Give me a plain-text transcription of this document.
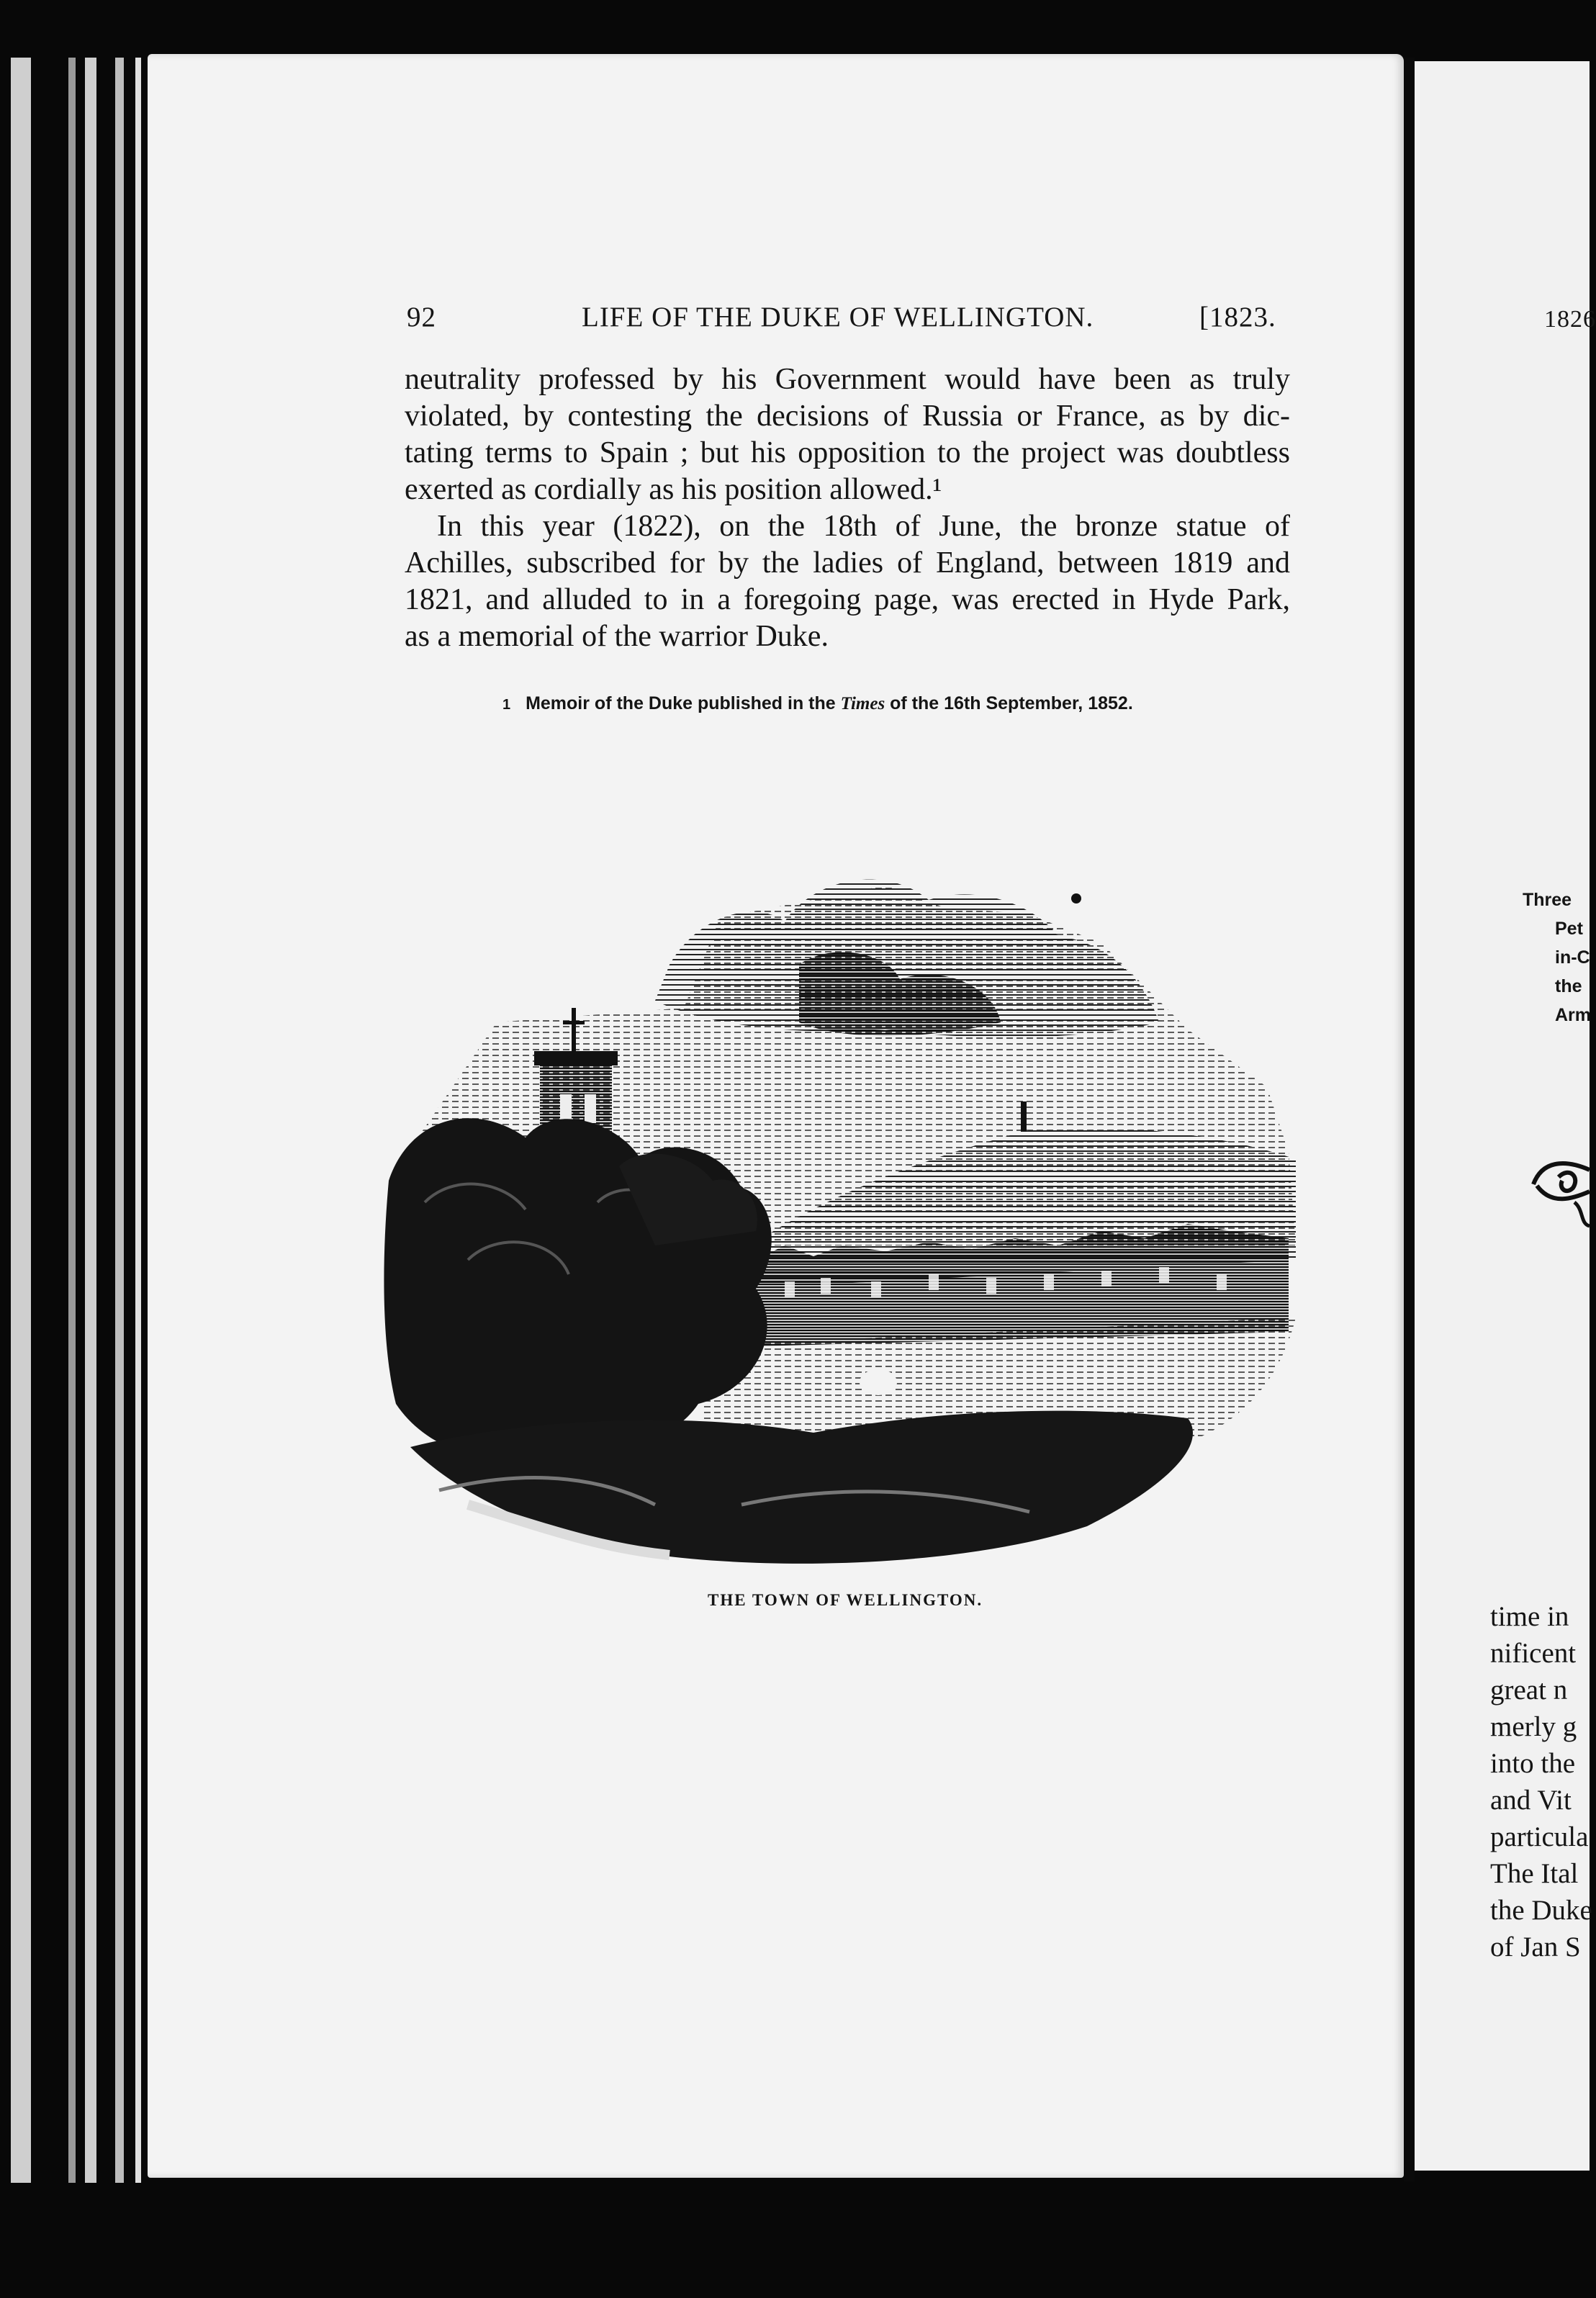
1826
Three
Pet
in-C
the
Arm
time in
nificent
great n
merly g
into the
and Vit
particula
The Ital
the Duke
of Jan S
92	LIFE OF THE DUKE OF WELLINGTON.	[1823.
neutrality professed by his Government would have been as truly
violated, by contesting the decisions of Russia or France, as by dic-
tating terms to Spain ; but his opposition to the project was doubtless
exerted as cordially as his position allowed.¹
In this year (1822), on the 18th of June, the bronze statue of
Achilles, subscribed for by the ladies of England, between 1819 and
1821, and alluded to in a foregoing page, was erected in Hyde Park,
as a memorial of the warrior Duke.
1 Memoir of the Duke published in the Times of the 16th September, 1852.
THE TOWN OF WELLINGTON.
